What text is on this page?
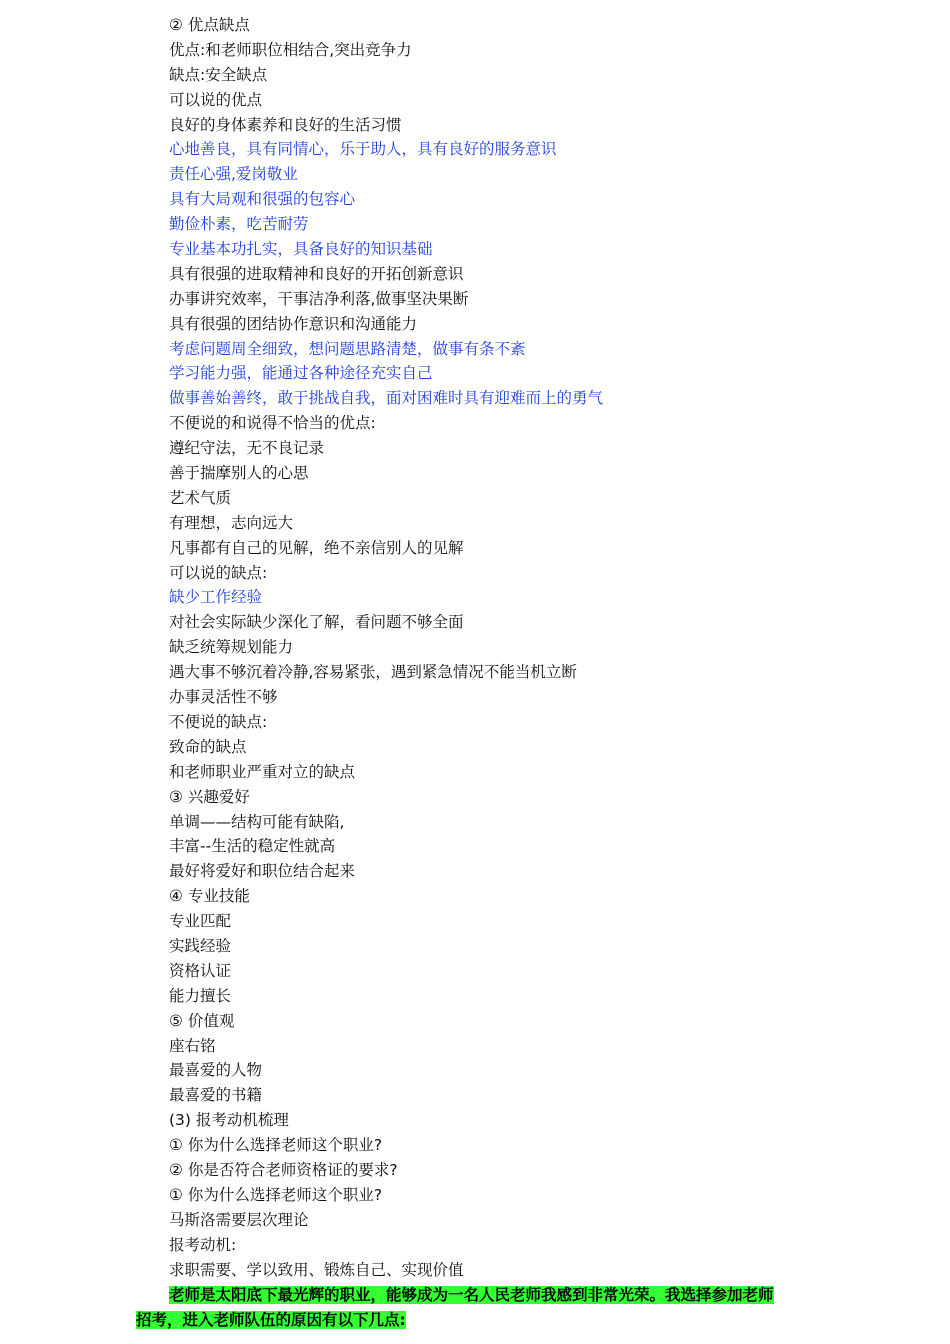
② 优点缺点
优点:和老师职位相结合,突出竞争力
缺点:安全缺点
可以说的优点
良好的身体素养和良好的生活习惯
心地善良，具有同情心，乐于助人，具有良好的服务意识
责任心强,爱岗敬业
具有大局观和很强的包容心
勤俭朴素，吃苦耐劳
专业基本功扎实，具备良好的知识基础
具有很强的进取精神和良好的开拓创新意识
办事讲究效率，干事洁净利落,做事坚决果断
具有很强的团结协作意识和沟通能力
考虑问题周全细致，想问题思路清楚，做事有条不紊
学习能力强，能通过各种途径充实自己
做事善始善终，敢于挑战自我，面对困难时具有迎难而上的勇气
不便说的和说得不恰当的优点:
遵纪守法，无不良记录
善于揣摩别人的心思
艺术气质
有理想，志向远大
凡事都有自己的见解，绝不亲信别人的见解
可以说的缺点:
缺少工作经验
对社会实际缺少深化了解，看问题不够全面
缺乏统筹规划能力
遇大事不够沉着冷静,容易紧张，遇到紧急情况不能当机立断
办事灵活性不够
不便说的缺点:
致命的缺点
和老师职业严重对立的缺点
③ 兴趣爱好
单调——结构可能有缺陷,
丰富--生活的稳定性就高
最好将爱好和职位结合起来
④ 专业技能
专业匹配
实践经验
资格认证
能力擅长
⑤ 价值观
座右铭
最喜爱的人物
最喜爱的书籍
(3) 报考动机梳理
① 你为什么选择老师这个职业?
② 你是否符合老师资格证的要求?
① 你为什么选择老师这个职业?
马斯洛需要层次理论
报考动机:
求职需要、学以致用、锻炼自己、实现价值
老师是太阳底下最光辉的职业，能够成为一名人民老师我感到非常光荣。我选择参加老师
招考，进入老师队伍的原因有以下几点:
